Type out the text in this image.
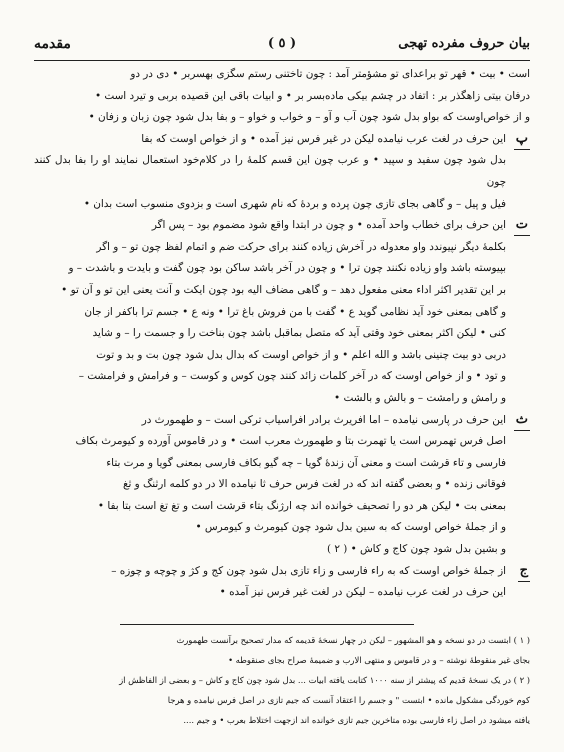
بیان حروف مفرده تهجی
( ٥ )
مقدمه

است • بیت • قهر تو براعدای تو مشؤمتر آمد : چون تاختنی رستم سگزی بهسربر • دی در دو

درفان بیتی زاهگذر بر : اتفاد در چشم بیکی ماده‌بسر بر • و ابیات باقی این قصیده بربی و تیرد است •

و از خواص‌اوست که بواو بدل شود چون آب و آو – و خواب و خواو – و بفا بدل شود چون زبان و زفان •

پ

این حرف در لغت عرب نیامده لیکن در غیر فرس نیز آمده • و از خواص اوست که بفا

بدل شود چون سفید و سپید • و عرب چون این قسم کلمهٔ را در کلام‌خود استعمال نمایند او را بفا بدل کنند چون

فیل و پیل – و گاهی بجای تازی چون پرده و بردهٔ که نام شهری است و بزدوی منسوب است بدان •

ت

این حرف برای خطاب واحد آمده • و چون در ابتدا واقع شود مضموم بود – پس اگر

بکلمهٔ دیگر نپیوندد واو معدوله در آخرش زیاده کنند برای حرکت ضم و اتمام لفظ چون تو – و اگر

بپیوسته باشد واو زیاده نکنند چون ترا • و چون در آخر باشد ساکن بود چون گفت و بایدت و باشدت – و

بر این تقدیر اکثر اداء معنی مفعول دهد – و گاهی مضاف الیه بود چون ایکت و آنت یعنی این تو و آن تو •

و گاهی بمعنی خود آید نظامی گوید ع • گفت با من فروش باغ ترا • ونه ع • جسم ترا باکفر از جان

کنی • لیکن اکثر بمعنی خود وقتی آید که متصل بماقبل باشد چون بناخت را و جسمت را – و شاید

دربی دو بیت چنینی باشد و الله اعلم • و از خواص اوست که بدال بدل شود چون بت و بد و توت

و تود • و از خواص اوست که در آخر کلمات زائد کنند چون کوس و کوست – و فرامش و فرامشت –

و رامش و رامشت – و بالش و بالشت •

ث

این حرف در پارسی نیامده – اما افریرث برادر افراسیاب ترکی است – و طهمورث در

اصل فرس تهمرس است یا تهمرت بتا و طهمورث معرب است • و در قاموس آورده و کیومرث بکاف

فارسی و تاء قرشت است و معنی آن زندهٔ گویا – چه گیو بکاف فارسی بمعنی گویا و مرت بتاء

فوقانی زنده • و بعضی گفته اند که در لغت فرس حرف ثا نیامده الا در دو کلمه ارثنگ و ثغ

بمعنی بت • لیکن هر دو را تصحیف خوانده اند چه ارژنگ بتاء قرشت است و تغ تغ است بتا بفا •

و از جملهٔ خواص اوست که به سین بدل شود چون کیومرث و کیومرس •

و بشین بدل شود چون کاج و کاش • ( ۲ )

ج

از جملهٔ خواص اوست که به راء فارسی و زاء تازی بدل شود چون کج و کژ و چوچه و چوزه –

این حرف در لغت عرب نیامده – لیکن در لغت غیر فرس نیز آمده •

( ۱ ) ابتست در دو نسخه و هو المشهور – لیکن در چهار نسخهٔ قدیمه که مدار تصحیح برآنست طهمورث

بجای غیر منقوطهٔ نوشته – و در قاموس و منتهی الارب و ضمیمهٔ صراح بجای صنقوطه •

( ۲ ) در یک نسخهٔ قدیم که پیشتر از سنه ۱۰۰۰ کتابت یافته ابیات ... بدل شود چون کاج و کاش – و بعضی از الفاظش از

کوم خوردگی مشکول مانده • ابتست " و جسم را اعتقاد آنست که جیم تازی در اصل فرس نیامده و هرجا

یافته میشود در اصل زاء فارسی بوده متاخرین جیم تازی خوانده اند ازجهت اختلاط بعرب • و جیم ....
